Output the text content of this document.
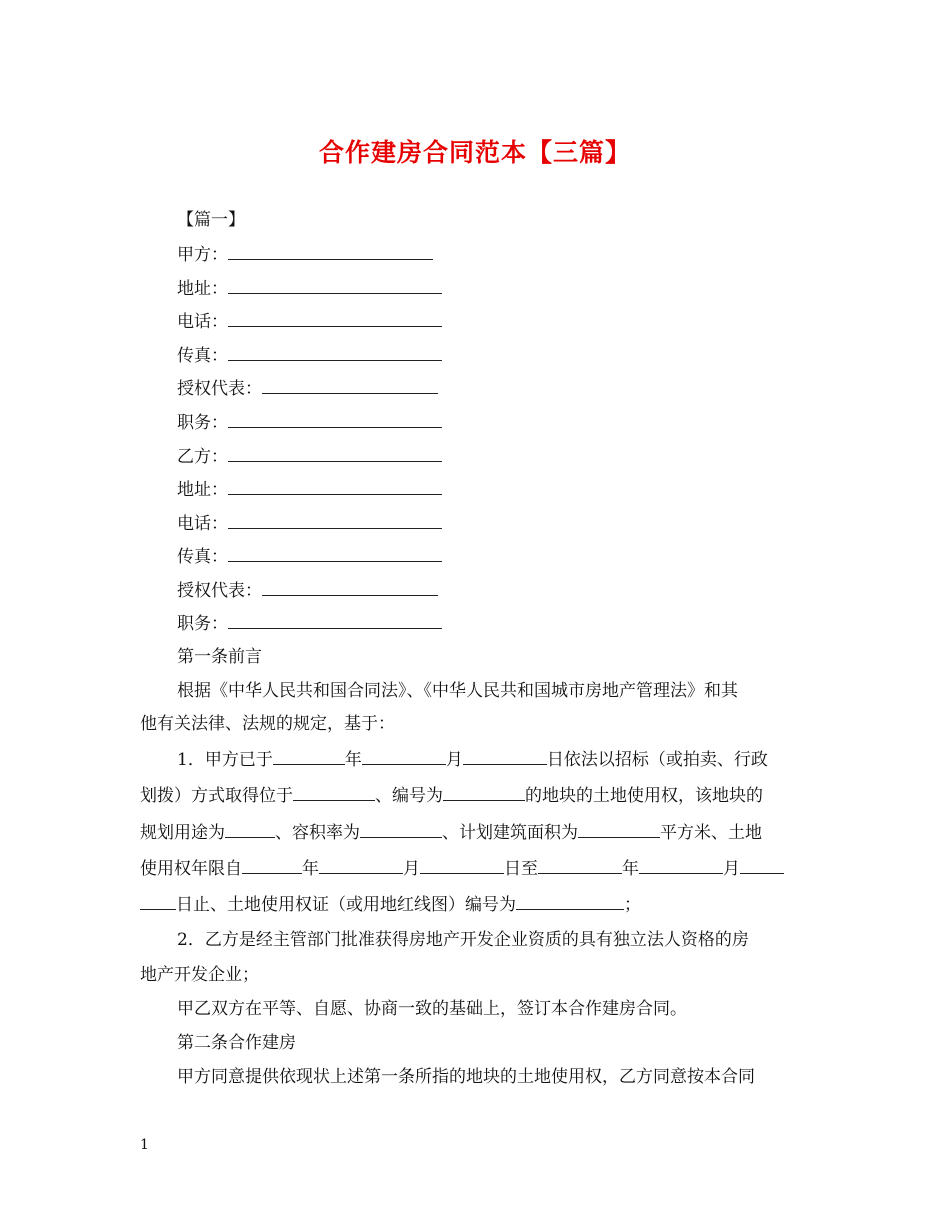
合作建房合同范本【三篇】
【篇一】
甲方：
地址：
电话：
传真：
授权代表：
职务：
乙方：
地址：
电话：
传真：
授权代表：
职务：
第一条前言
根据《中华人民共和国合同法》、《中华人民共和国城市房地产管理法》和其
他有关法律、法规的规定，基于：
1．甲方已于	年	月	日依法以招标（或拍卖、行政
划拨）方式取得位于	、编号为	的地块的土地使用权，该地块的
规划用途为	、容积率为	、计划建筑面积为	平方米、土地
使用权年限自	年	月	日至	年	月
日止、土地使用权证（或用地红线图）编号为	；
2．乙方是经主管部门批准获得房地产开发企业资质的具有独立法人资格的房
地产开发企业；
甲乙双方在平等、自愿、协商一致的基础上，签订本合作建房合同。
第二条合作建房
甲方同意提供依现状上述第一条所指的地块的土地使用权，乙方同意按本合同
1
